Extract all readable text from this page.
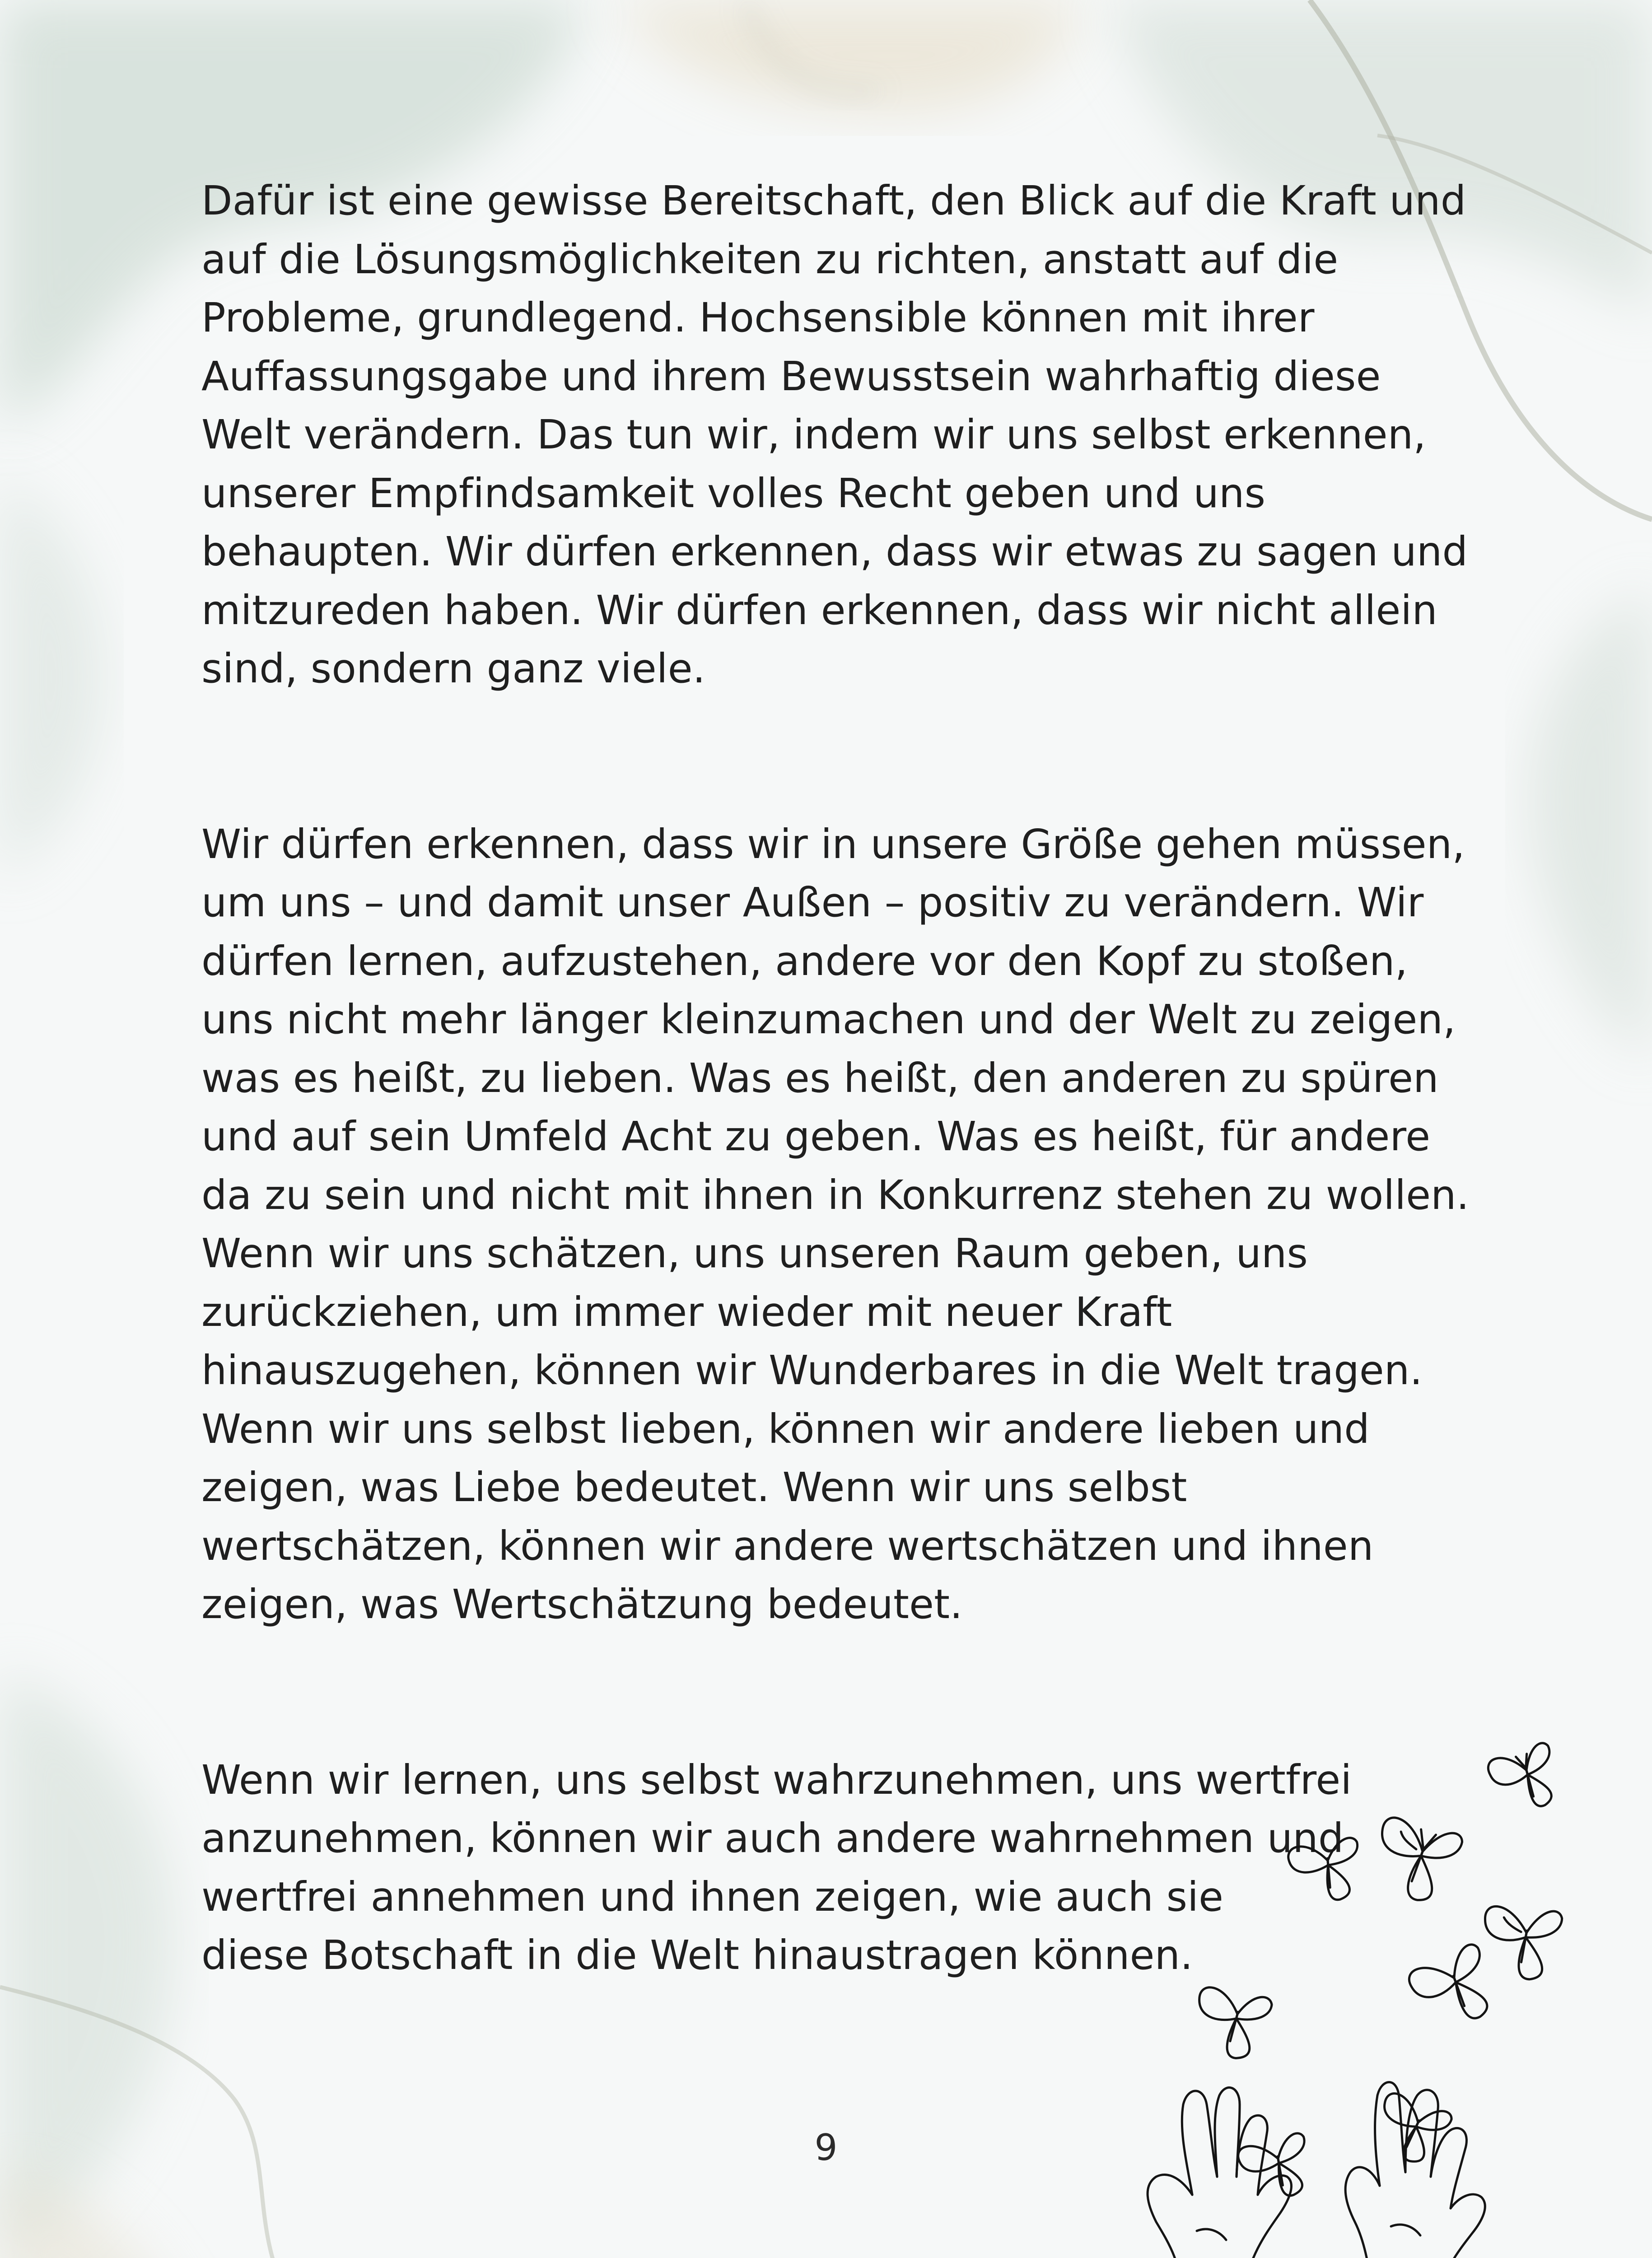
Dafür ist eine gewisse Bereitschaft, den Blick auf die Kraft und
auf die Lösungsmöglichkeiten zu richten, anstatt auf die
Probleme, grundlegend. Hochsensible können mit ihrer
Auffassungsgabe und ihrem Bewusstsein wahrhaftig diese
Welt verändern. Das tun wir, indem wir uns selbst erkennen,
unserer Empfindsamkeit volles Recht geben und uns
behaupten. Wir dürfen erkennen, dass wir etwas zu sagen und
mitzureden haben. Wir dürfen erkennen, dass wir nicht allein
sind, sondern ganz viele.

Wir dürfen erkennen, dass wir in unsere Größe gehen müssen,
um uns – und damit unser Außen – positiv zu verändern. Wir
dürfen lernen, aufzustehen, andere vor den Kopf zu stoßen,
uns nicht mehr länger kleinzumachen und der Welt zu zeigen,
was es heißt, zu lieben. Was es heißt, den anderen zu spüren
und auf sein Umfeld Acht zu geben. Was es heißt, für andere
da zu sein und nicht mit ihnen in Konkurrenz stehen zu wollen.
Wenn wir uns schätzen, uns unseren Raum geben, uns
zurückziehen, um immer wieder mit neuer Kraft
hinauszugehen, können wir Wunderbares in die Welt tragen.
Wenn wir uns selbst lieben, können wir andere lieben und
zeigen, was Liebe bedeutet. Wenn wir uns selbst
wertschätzen, können wir andere wertschätzen und ihnen
zeigen, was Wertschätzung bedeutet.

Wenn wir lernen, uns selbst wahrzunehmen, uns wertfrei
anzunehmen, können wir auch andere wahrnehmen und
wertfrei annehmen und ihnen zeigen, wie auch sie
diese Botschaft in die Welt hinaustragen können.

9
